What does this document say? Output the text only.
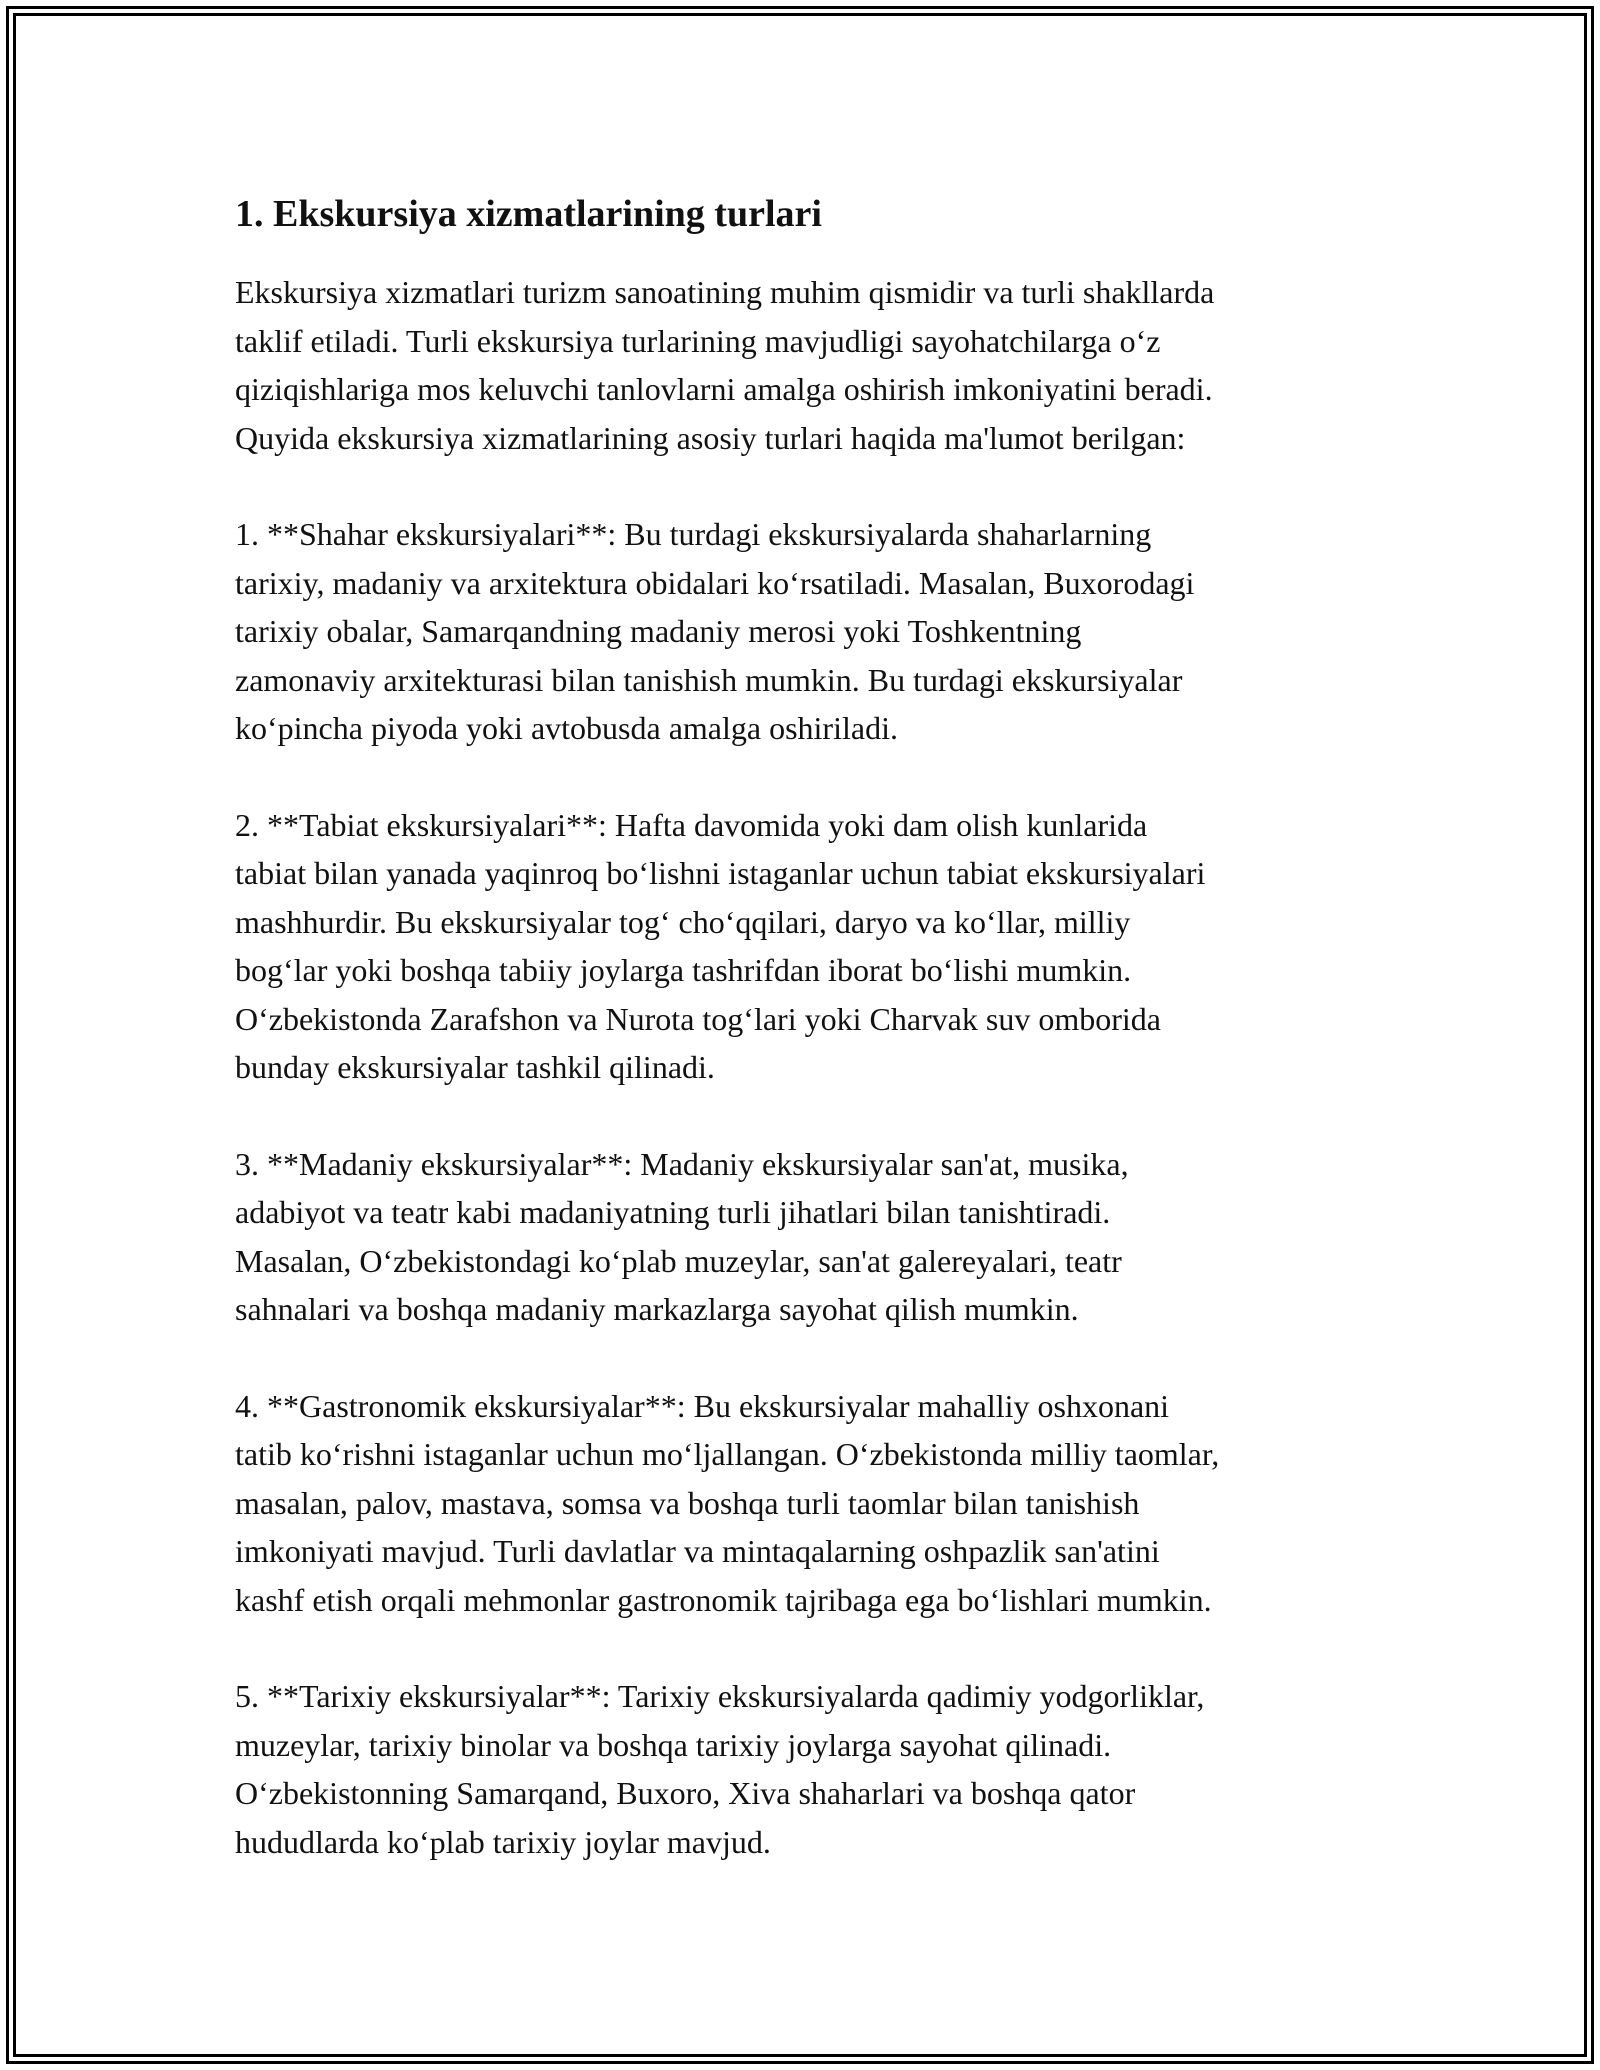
1. Ekskursiya xizmatlarining turlari

Ekskursiya xizmatlari turizm sanoatining muhim qismidir va turli shakllarda
taklif etiladi. Turli ekskursiya turlarining mavjudligi sayohatchilarga o‘z
qiziqishlariga mos keluvchi tanlovlarni amalga oshirish imkoniyatini beradi.
Quyida ekskursiya xizmatlarining asosiy turlari haqida ma'lumot berilgan:

1. **Shahar ekskursiyalari**: Bu turdagi ekskursiyalarda shaharlarning
tarixiy, madaniy va arxitektura obidalari ko‘rsatiladi. Masalan, Buxorodagi
tarixiy obalar, Samarqandning madaniy merosi yoki Toshkentning
zamonaviy arxitekturasi bilan tanishish mumkin. Bu turdagi ekskursiyalar
ko‘pincha piyoda yoki avtobusda amalga oshiriladi.

2. **Tabiat ekskursiyalari**: Hafta davomida yoki dam olish kunlarida
tabiat bilan yanada yaqinroq bo‘lishni istaganlar uchun tabiat ekskursiyalari
mashhurdir. Bu ekskursiyalar tog‘ cho‘qqilari, daryo va ko‘llar, milliy
bog‘lar yoki boshqa tabiiy joylarga tashrifdan iborat bo‘lishi mumkin.
O‘zbekistonda Zarafshon va Nurota tog‘lari yoki Charvak suv omborida
bunday ekskursiyalar tashkil qilinadi.

3. **Madaniy ekskursiyalar**: Madaniy ekskursiyalar san'at, musika,
adabiyot va teatr kabi madaniyatning turli jihatlari bilan tanishtiradi.
Masalan, O‘zbekistondagi ko‘plab muzeylar, san'at galereyalari, teatr
sahnalari va boshqa madaniy markazlarga sayohat qilish mumkin.

4. **Gastronomik ekskursiyalar**: Bu ekskursiyalar mahalliy oshxonani
tatib ko‘rishni istaganlar uchun mo‘ljallangan. O‘zbekistonda milliy taomlar,
masalan, palov, mastava, somsa va boshqa turli taomlar bilan tanishish
imkoniyati mavjud. Turli davlatlar va mintaqalarning oshpazlik san'atini
kashf etish orqali mehmonlar gastronomik tajribaga ega bo‘lishlari mumkin.

5. **Tarixiy ekskursiyalar**: Tarixiy ekskursiyalarda qadimiy yodgorliklar,
muzeylar, tarixiy binolar va boshqa tarixiy joylarga sayohat qilinadi.
O‘zbekistonning Samarqand, Buxoro, Xiva shaharlari va boshqa qator
hududlarda ko‘plab tarixiy joylar mavjud.
